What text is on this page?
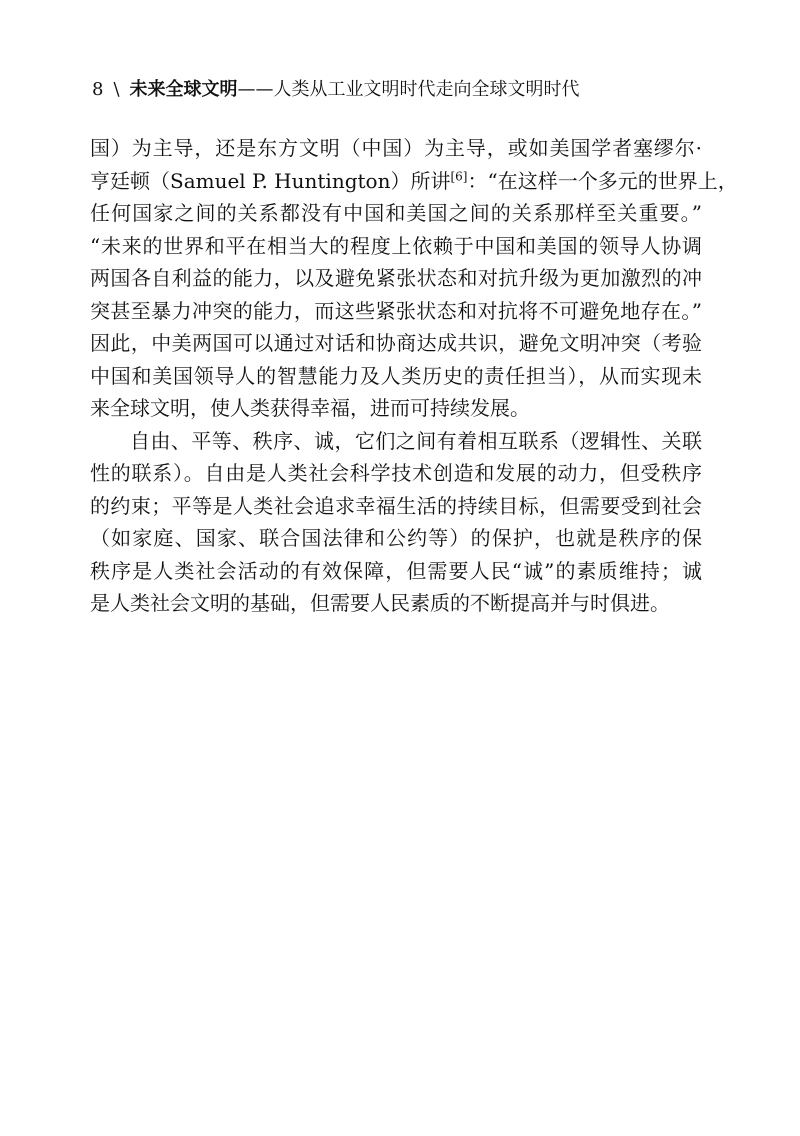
8 \ 未来全球文明——人类从工业文明时代走向全球文明时代
国）为主导，还是东方文明（中国）为主导，或如美国学者塞缪尔·
亨廷顿（Samuel P. Huntington）所讲[6]：“在这样一个多元的世界上，
任何国家之间的关系都没有中国和美国之间的关系那样至关重要。”
“未来的世界和平在相当大的程度上依赖于中国和美国的领导人协调
两国各自利益的能力，以及避免紧张状态和对抗升级为更加激烈的冲
突甚至暴力冲突的能力，而这些紧张状态和对抗将不可避免地存在。”
因此，中美两国可以通过对话和协商达成共识，避免文明冲突（考验
中国和美国领导人的智慧能力及人类历史的责任担当），从而实现未
来全球文明，使人类获得幸福，进而可持续发展。
自由、平等、秩序、诚，它们之间有着相互联系（逻辑性、关联
性的联系）。自由是人类社会科学技术创造和发展的动力，但受秩序
的约束；平等是人类社会追求幸福生活的持续目标，但需要受到社会
（如家庭、国家、联合国法律和公约等）的保护，也就是秩序的保
秩序是人类社会活动的有效保障，但需要人民“诚”的素质维持；诚
是人类社会文明的基础，但需要人民素质的不断提高并与时俱进。
